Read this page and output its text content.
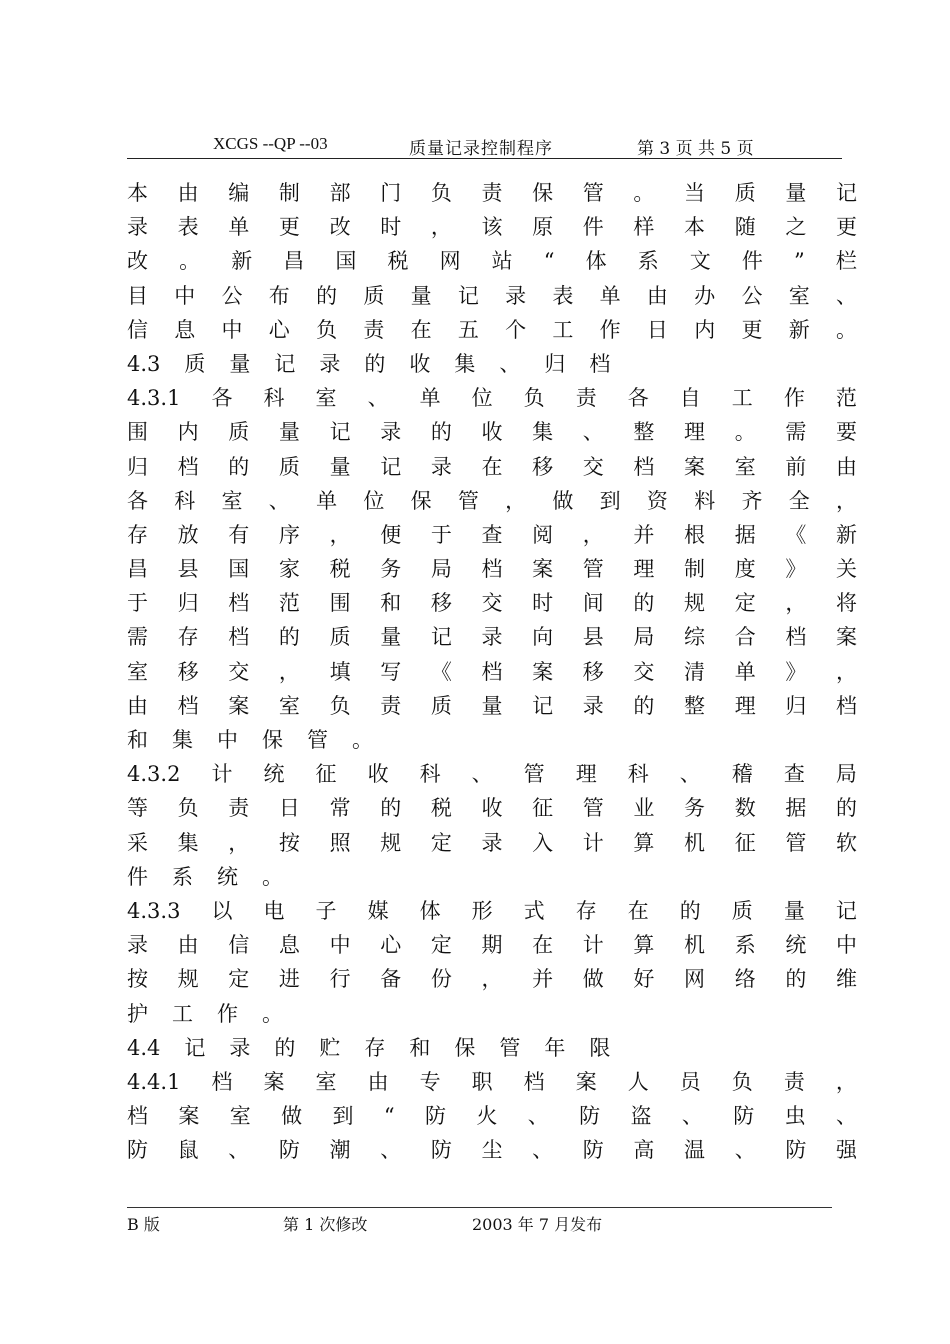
XCGS --QP --03	质量记录控制程序	第 3 页 共 5 页
本 由 编 制 部 门 负 责 保 管 。 当 质 量 记
录 表 单 更 改 时 ， 该 原 件 样 本 随 之 更
改 。 新 昌 国 税 网 站 “ 体 系 文 件 ” 栏
目 中 公 布 的 质 量 记 录 表 单 由 办 公 室 、
信 息 中 心 负 责 在 五 个 工 作 日 内 更 新 。
4.3 质 量 记 录 的 收 集 、 归 档
4.3.1 各 科 室 、 单 位 负 责 各 自 工 作 范
围 内 质 量 记 录 的 收 集 、 整 理 。 需 要
归 档 的 质 量 记 录 在 移 交 档 案 室 前 由
各 科 室 、 单 位 保 管 ， 做 到 资 料 齐 全 ，
存 放 有 序 ， 便 于 查 阅 ， 并 根 据 《 新
昌 县 国 家 税 务 局 档 案 管 理 制 度 》 关
于 归 档 范 围 和 移 交 时 间 的 规 定 ， 将
需 存 档 的 质 量 记 录 向 县 局 综 合 档 案
室 移 交 ， 填 写 《 档 案 移 交 清 单 》 ，
由 档 案 室 负 责 质 量 记 录 的 整 理 归 档
和 集 中 保 管 。
4.3.2 计 统 征 收 科 、 管 理 科 、 稽 查 局
等 负 责 日 常 的 税 收 征 管 业 务 数 据 的
采 集 ， 按 照 规 定 录 入 计 算 机 征 管 软
件 系 统 。
4.3.3 以 电 子 媒 体 形 式 存 在 的 质 量 记
录 由 信 息 中 心 定 期 在 计 算 机 系 统 中
按 规 定 进 行 备 份 ， 并 做 好 网 络 的 维
护 工 作 。
4.4 记 录 的 贮 存 和 保 管 年 限
4.4.1 档 案 室 由 专 职 档 案 人 员 负 责 ，
档 案 室 做 到 “ 防 火 、 防 盗 、 防 虫 、
防 鼠 、 防 潮 、 防 尘 、 防 高 温 、 防 强
B 版	第 1 次修改	2003 年 7 月发布
